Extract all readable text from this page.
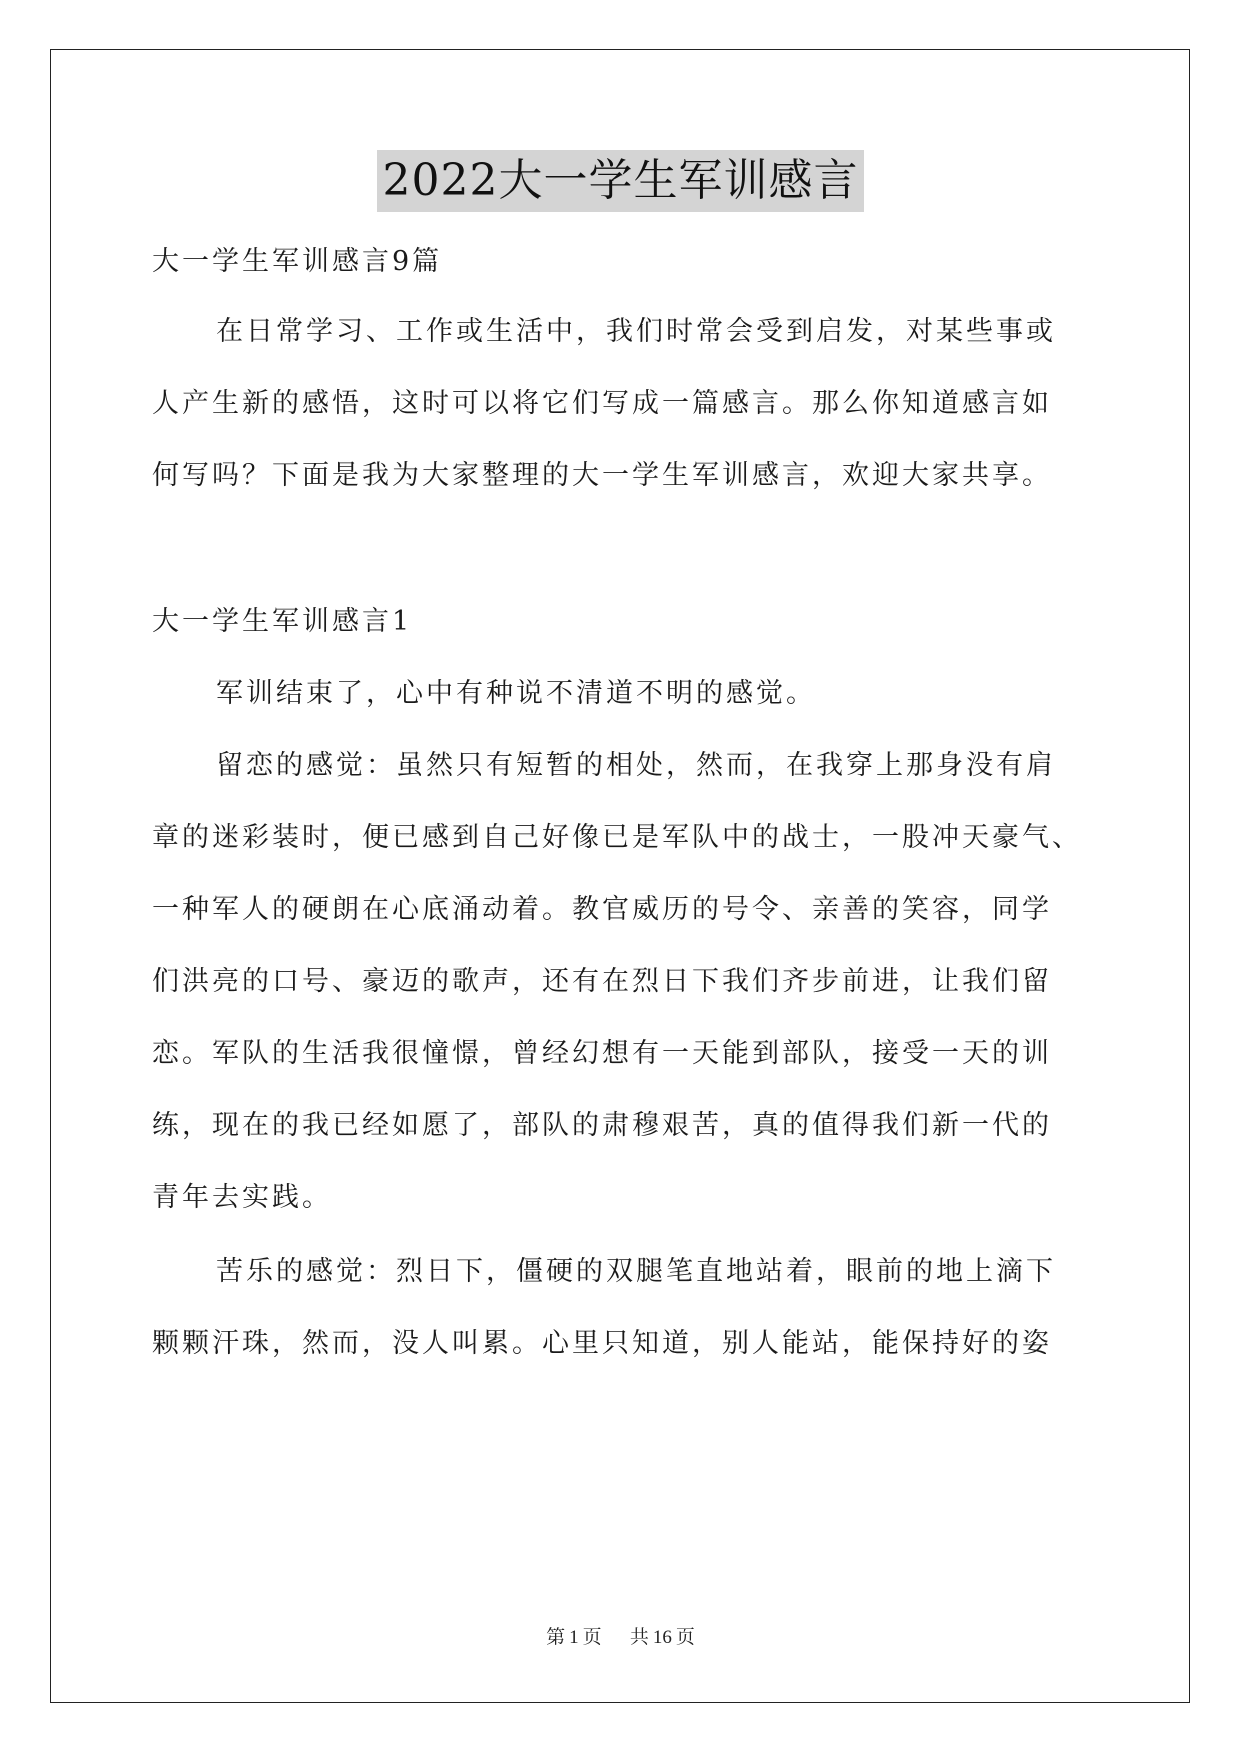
2022大一学生军训感言
大一学生军训感言9篇
在日常学习、工作或生活中，我们时常会受到启发，对某些事或
人产生新的感悟，这时可以将它们写成一篇感言。那么你知道感言如
何写吗？下面是我为大家整理的大一学生军训感言，欢迎大家共享。
大一学生军训感言1
军训结束了，心中有种说不清道不明的感觉。
留恋的感觉：虽然只有短暂的相处，然而，在我穿上那身没有肩
章的迷彩装时，便已感到自己好像已是军队中的战士，一股冲天豪气、
一种军人的硬朗在心底涌动着。教官威历的号令、亲善的笑容，同学
们洪亮的口号、豪迈的歌声，还有在烈日下我们齐步前进，让我们留
恋。军队的生活我很憧憬，曾经幻想有一天能到部队，接受一天的训
练，现在的我已经如愿了，部队的肃穆艰苦，真的值得我们新一代的
青年去实践。
苦乐的感觉：烈日下，僵硬的双腿笔直地站着，眼前的地上滴下
颗颗汗珠，然而，没人叫累。心里只知道，别人能站，能保持好的姿
第 1 页 共 16 页
